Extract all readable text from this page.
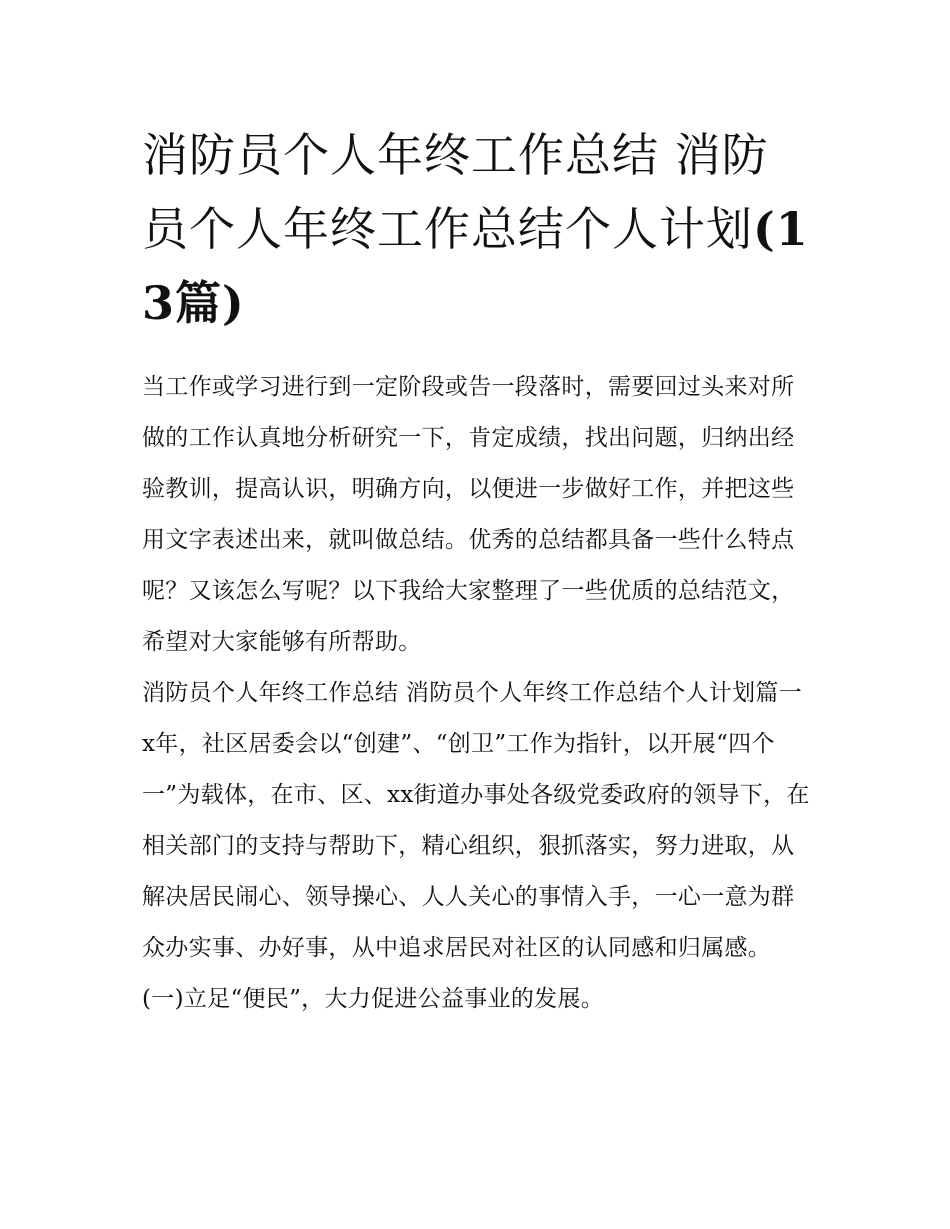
消防员个人年终工作总结 消防员个人年终工作总结个人计划(13篇)

当工作或学习进行到一定阶段或告一段落时，需要回过头来对所做的工作认真地分析研究一下，肯定成绩，找出问题，归纳出经验教训，提高认识，明确方向，以便进一步做好工作，并把这些用文字表述出来，就叫做总结。优秀的总结都具备一些什么特点呢？又该怎么写呢？以下我给大家整理了一些优质的总结范文，希望对大家能够有所帮助。

消防员个人年终工作总结 消防员个人年终工作总结个人计划篇一

x年，社区居委会以“创建”、“创卫”工作为指针，以开展“四个一”为载体，在市、区、xx街道办事处各级党委政府的领导下，在相关部门的支持与帮助下，精心组织，狠抓落实，努力进取，从解决居民闹心、领导操心、人人关心的事情入手，一心一意为群众办实事、办好事，从中追求居民对社区的认同感和归属感。

(一)立足“便民”，大力促进公益事业的发展。
